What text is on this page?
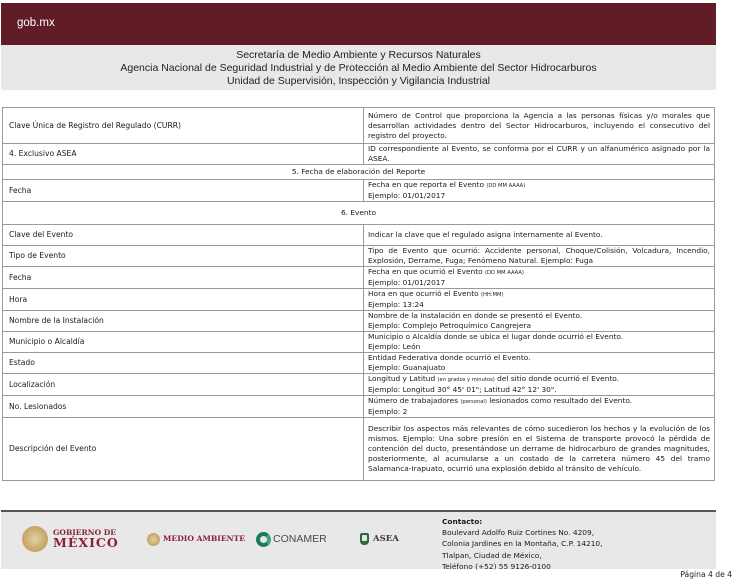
gob.mx
Secretaría de Medio Ambiente y Recursos Naturales
Agencia Nacional de Seguridad Industrial y de Protección al Medio Ambiente del Sector Hidrocarburos
Unidad de Supervisión, Inspección y Vigilancia Industrial
Clave Única de Registro del Regulado (CURR)	Número de Control que proporciona la Agencia a las personas físicas y/o morales que desarrollan actividades dentro del Sector Hidrocarburos, incluyendo el consecutivo del registro del proyecto.
4. Exclusivo ASEA	ID correspondiente al Evento, se conforma por el CURR y un alfanumérico asignado por la ASEA.
5. Fecha de elaboración del Reporte	
Fecha	Fecha en que reporta el Evento (DD MM AAAA)
Ejemplo: 01/01/2017
6. Evento	
Clave del Evento	Indicar la clave que el regulado asigna internamente al Evento.
Tipo de Evento	Tipo de Evento que ocurrió: Accidente personal, Choque/Colisión, Volcadura, Incendio, Explosión, Derrame, Fuga; Fenómeno Natural. Ejemplo: Fuga
Fecha	Fecha en que ocurrió el Evento (DD MM AAAA)
Ejemplo: 01/01/2017
Hora	Hora en que ocurrió el Evento (HH:MM)
Ejemplo: 13:24
Nombre de la Instalación	Nombre de la Instalación en donde se presentó el Evento.
Ejemplo: Complejo Petroquímico Cangrejera
Municipio o Alcaldía	Municipio o Alcaldía donde se ubica el lugar donde ocurrió el Evento.
Ejemplo: León
Estado	Entidad Federativa donde ocurrió el Evento.
Ejemplo: Guanajuato
Localización	Longitud y Latitud (en grados y minutos) del sitio donde ocurrió el Evento.
Ejemplo: Longitud 30° 45' 01"; Latitud 42° 12' 30".
No. Lesionados	Número de trabajadores (personal) lesionados como resultado del Evento.
Ejemplo: 2
Descripción del Evento	Describir los aspectos más relevantes de cómo sucedieron los hechos y la evolución de los mismos. Ejemplo: Una sobre presión en el Sistema de transporte provocó la pérdida de contención del ducto, presentándose un derrame de hidrocarburo de grandes magnitudes, posteriormente, al acumularse a un costado de la carretera número 45 del tramo Salamanca-Irapuato, ocurrió una explosión debido al tránsito de vehículo.
GOBIERNO DE
MÉXICO	MEDIO AMBIENTE	CONAMER	ASEA
Contacto:
Boulevard Adolfo Ruiz Cortines No. 4209,
Colonia Jardines en la Montaña, C.P. 14210,
Tlalpan, Ciudad de México,
Teléfono (+52) 55 9126-0100
Página 4 de 4
